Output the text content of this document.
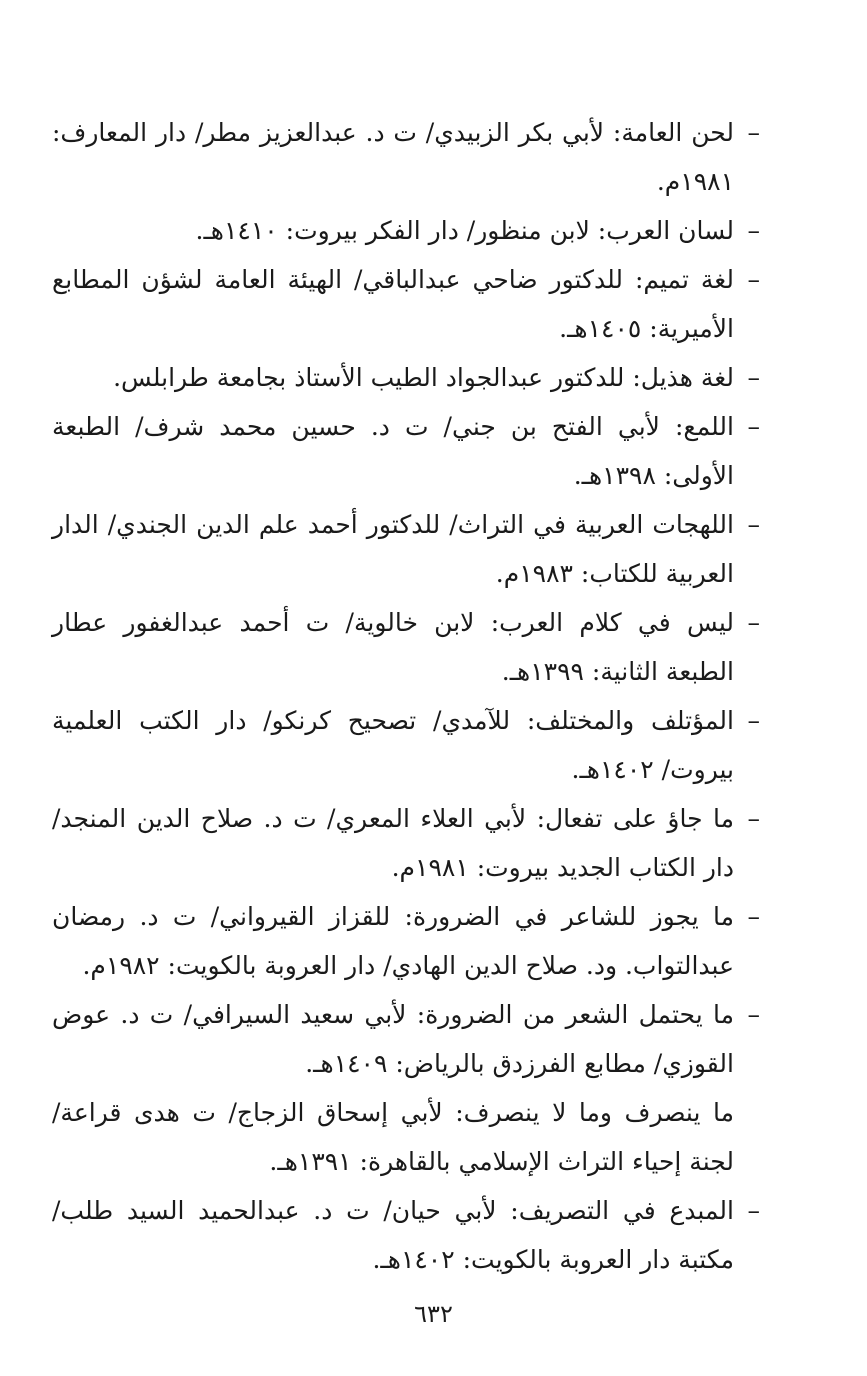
–لحن العامة: لأبي بكر الزبيدي/ ت د. عبدالعزيز مطر/ دار المعارف: ١٩٨١م.
–لسان العرب: لابن منظور/ دار الفكر بيروت: ١٤١٠هـ.
–لغة تميم: للدكتور ضاحي عبدالباقي/ الهيئة العامة لشؤن المطابع الأميرية: ١٤٠٥هـ.
–لغة هذيل: للدكتور عبدالجواد الطيب الأستاذ بجامعة طرابلس.
–اللمع: لأبي الفتح بن جني/ ت د. حسين محمد شرف/ الطبعة الأولى: ١٣٩٨هـ.
–اللهجات العربية في التراث/ للدكتور أحمد علم الدين الجندي/ الدار العربية للكتاب: ١٩٨٣م.
–ليس في كلام العرب: لابن خالوية/ ت أحمد عبدالغفور عطار الطبعة الثانية: ١٣٩٩هـ.
–المؤتلف والمختلف: للآمدي/ تصحيح كرنكو/ دار الكتب العلمية بيروت/ ١٤٠٢هـ.
–ما جاؤ على تفعال: لأبي العلاء المعري/ ت د. صلاح الدين المنجد/ دار الكتاب الجديد بيروت: ١٩٨١م.
–ما يجوز للشاعر في الضرورة: للقزاز القيرواني/ ت د. رمضان عبدالتواب. ود. صلاح الدين الهادي/ دار العروبة بالكويت: ١٩٨٢م.
–ما يحتمل الشعر من الضرورة: لأبي سعيد السيرافي/ ت د. عوض القوزي/ مطابع الفرزدق بالرياض: ١٤٠٩هـ.
ما ينصرف وما لا ينصرف: لأبي إسحاق الزجاج/ ت هدى قراعة/ لجنة إحياء التراث الإسلامي بالقاهرة: ١٣٩١هـ.
–المبدع في التصريف: لأبي حيان/ ت د. عبدالحميد السيد طلب/ مكتبة دار العروبة بالكويت: ١٤٠٢هـ.
٦٣٢
